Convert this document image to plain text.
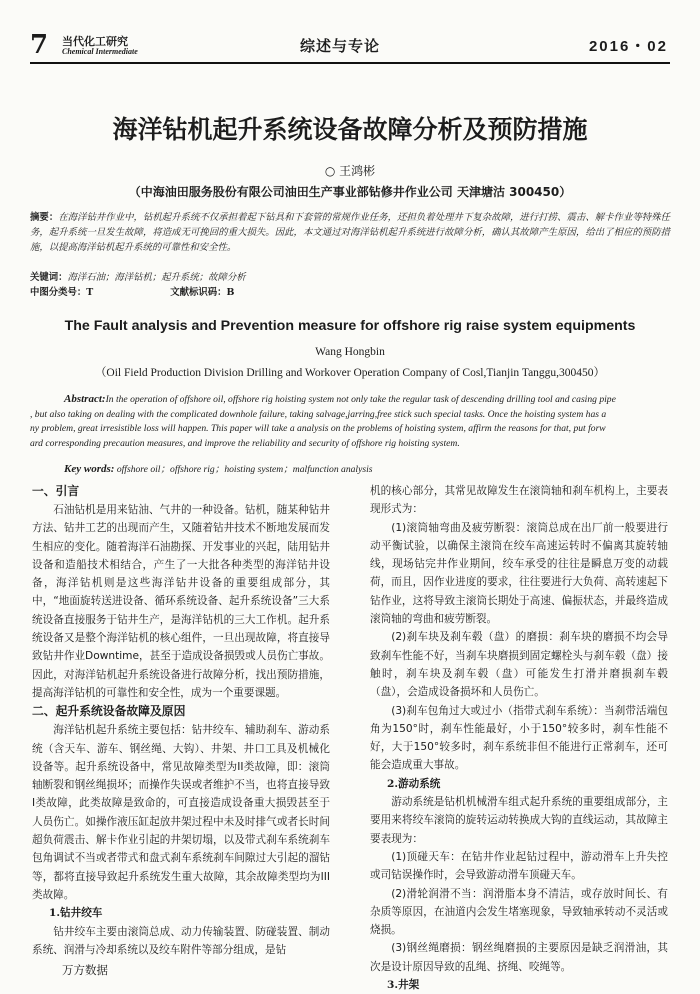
7 当代化工研究
Chemical Intermediate	综述与专论	2016・02
海洋钻机起升系统设备故障分析及预防措施
○ 王鸿彬
（中海油田服务股份有限公司油田生产事业部钻修井作业公司 天津塘沽 300450）

摘要：在海洋钻井作业中，钻机起升系统不仅承担着起下钻具和下套管的常规作业任务，还担负着处理井下复杂故障，进行打捞、震击、解卡作业等特殊任务，起升系统一旦发生故障，将造成无可挽回的重大损失。因此，本文通过对海洋钻机起升系统进行故障分析，确认其故障产生原因，给出了相应的预防措施，以提高海洋钻机起升系统的可靠性和安全性。

关键词：海洋石油；海洋钻机；起升系统；故障分析
中图分类号：T	文献标识码：B
The Fault analysis and Prevention measure for offshore rig raise system equipments
Wang Hongbin
（Oil Field Production Division Drilling and Workover Operation Company of Cosl,Tianjin Tanggu,300450）
Abstract:In the operation of offshore oil, offshore rig hoisting system not only take the regular task of descending drilling tool and casing pipe
, but also taking on dealing with the complicated downhole failure, taking salvage,jarring,free stick such special tasks. Once the hoisting system has a
ny problem, great irresistible loss will happen. This paper will take a analysis on the problems of hoisting system, affirm the reasons for that, put forw
ard corresponding precaution measures, and improve the reliability and security of offshore rig hoisting system.
Key words: offshore oil；offshore rig；hoisting system；malfunction analysis
一、引言

石油钻机是用来钻油、气井的一种设备。钻机，随某种钻井方法、钻井工艺的出现而产生，又随着钻井技术不断地发展而发生相应的变化。随着海洋石油勘探、开发事业的兴起，陆用钻井设备和造船技术相结合，产生了一大批各种类型的海洋钻井设备，海洋钻机则是这些海洋钻井设备的重要组成部分，其中，“地面旋转送进设备、循环系统设备、起升系统设备”三大系统设备直接服务于钻井生产，是海洋钻机的三大工作机。起升系统设备又是整个海洋钻机的核心组件，一旦出现故障，将直接导致钻井作业Downtime，甚至于造成设备损毁或人员伤亡事故。因此，对海洋钻机起升系统设备进行故障分析，找出预防措施，提高海洋钻机的可靠性和安全性，成为一个重要课题。

二、起升系统设备故障及原因

海洋钻机起升系统主要包括：钻井绞车、辅助刹车、游动系统（含天车、游车、钢丝绳、大钩）、井架、井口工具及机械化设备等。起升系统设备中，常见故障类型为II类故障，即：滚筒轴断裂和钢丝绳损坏；而操作失误或者维护不当，也将直接导致I类故障，此类故障是致命的，可直接造成设备重大损毁甚至于人员伤亡。如操作液压缸起放井架过程中未及时排气或者长时间超负荷震击、解卡作业引起的井架切塌，以及带式刹车系统刹车包角调试不当或者带式和盘式刹车系统刹车间隙过大引起的溜钻等，都将直接导致起升系统发生重大故障，其余故障类型均为III类故障。

1.钻井绞车

钻井绞车主要由滚筒总成、动力传输装置、防碰装置、制动系统、润滑与冷却系统以及绞车附件等部分组成，是钻

机的核心部分，其常见故障发生在滚筒轴和刹车机构上，主要表现形式为：

(1)滚筒轴弯曲及疲劳断裂：滚筒总成在出厂前一般要进行动平衡试验，以确保主滚筒在绞车高速运转时不偏离其旋转轴线，现场钻完井作业期间，绞车承受的往往是瞬息万变的动载荷，而且，因作业进度的要求，往往要进行大负荷、高转速起下钻作业，这将导致主滚筒长期处于高速、偏振状态，并最终造成滚筒轴的弯曲和疲劳断裂。

(2)刹车块及刹车毂（盘）的磨损：刹车块的磨损不均会导致刹车性能不好，当刹车块磨损到固定螺栓头与刹车毂（盘）接触时，刹车块及刹车毂（盘）可能发生打滑并磨损刹车毂（盘），会造成设备损坏和人员伤亡。

(3)刹车包角过大或过小（指带式刹车系统）：当刹带活端包角为150°时，刹车性能最好，小于150°较多时，刹车性能不好，大于150°较多时，刹车系统非但不能进行正常刹车，还可能会造成重大事故。

2.游动系统

游动系统是钻机机械滑车组式起升系统的重要组成部分，主要用来将绞车滚筒的旋转运动转换成大钩的直线运动，其故障主要表现为：

(1)顶碰天车：在钻井作业起钻过程中，游动滑车上升失控或司钻误操作时，会导致游动滑车顶碰天车。

(2)滑轮润滑不当：润滑脂本身不清洁，或存放时间长、有杂质等原因，在油道内会发生堵塞现象，导致轴承转动不灵活或烧损。

(3)钢丝绳磨损：钢丝绳磨损的主要原因是缺乏润滑油，其次是设计原因导致的乱绳、挤绳、咬绳等。

3.井架
万方数据
